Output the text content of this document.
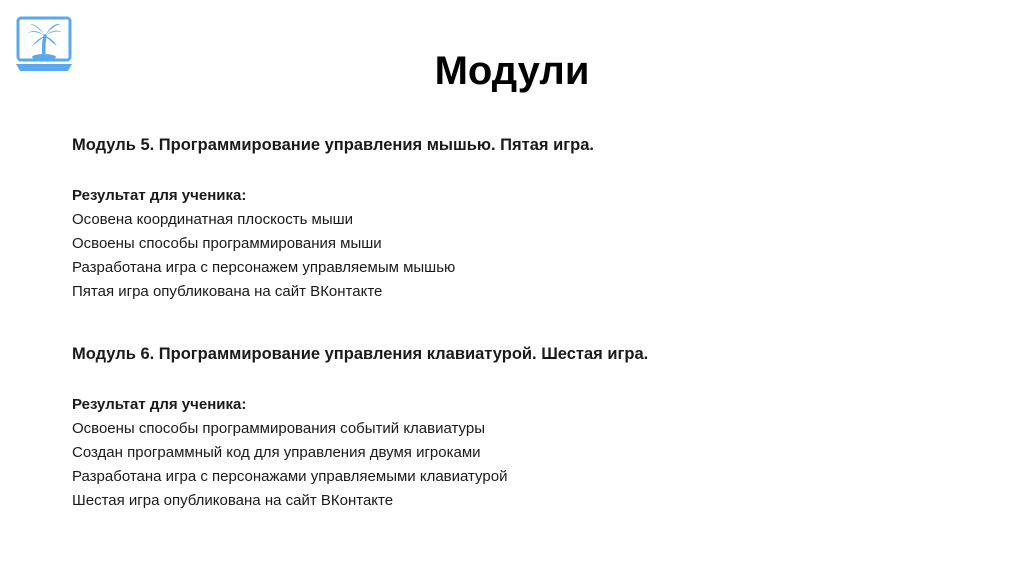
Модули

Модуль 5. Программирование управления мышью. Пятая игра.

Результат для ученика:

Осовена координатная плоскость мыши
Освоены способы программирования мыши
Разработана игра с персонажем управляемым мышью
Пятая игра опубликована на сайт ВКонтакте

Модуль 6. Программирование управления клавиатурой. Шестая игра.

Результат для ученика:

Освоены способы программирования событий клавиатуры
Создан программный код для управления двумя игроками
Разработана игра с персонажами управляемыми клавиатурой
Шестая игра опубликована на сайт ВКонтакте
